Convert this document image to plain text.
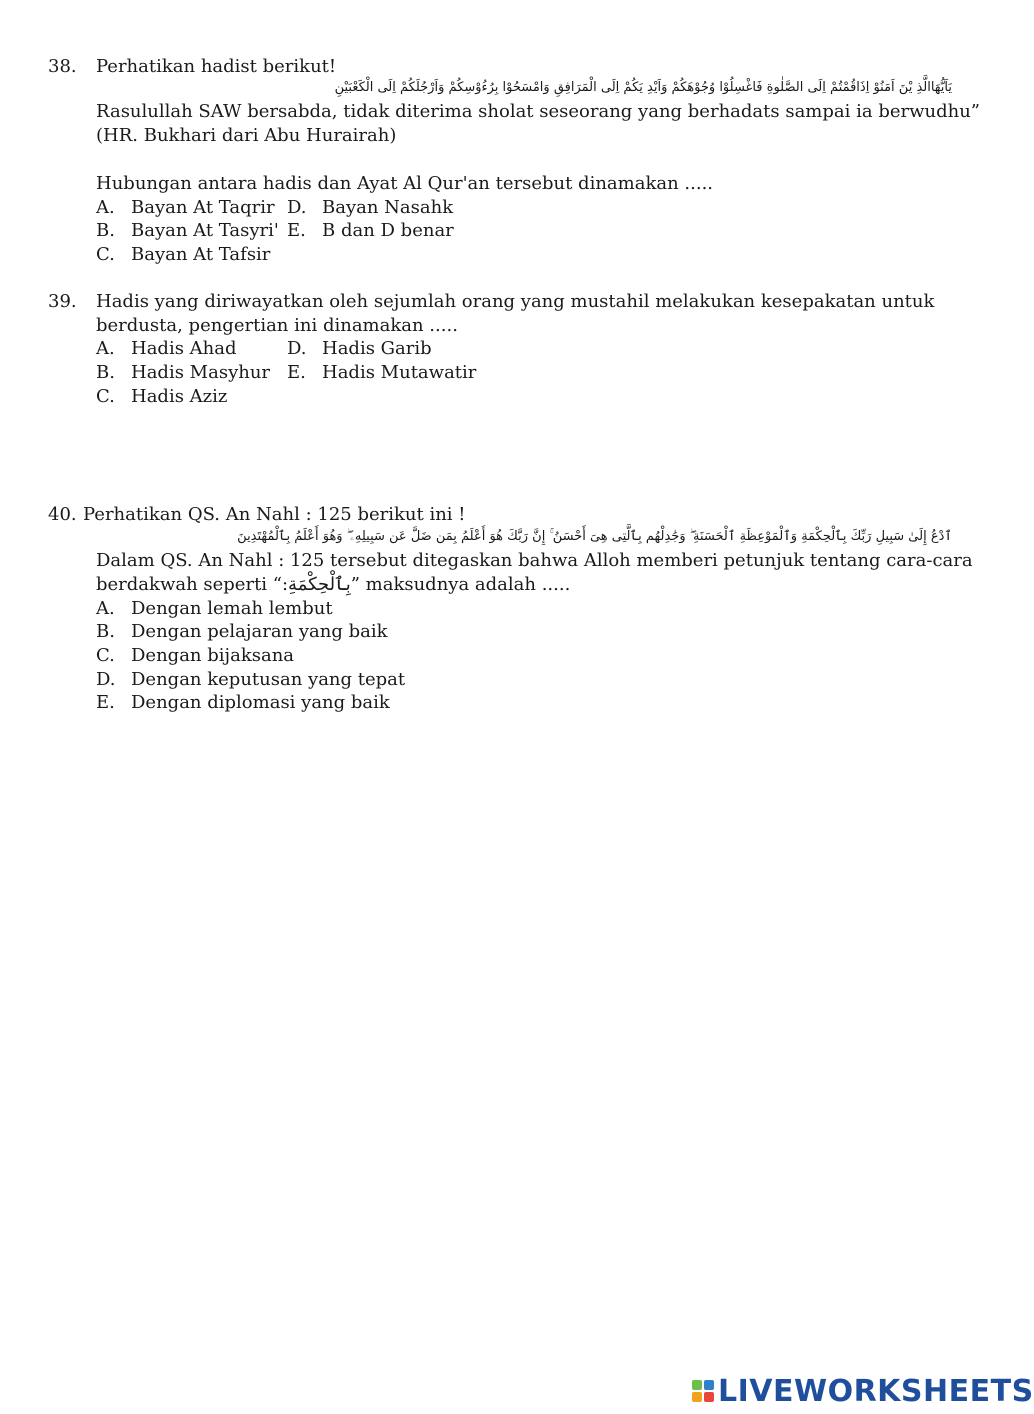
38. Perhatikan hadist berikut!
يَاَيُّهَاالَّذِ يْنَ اَمَنُوْ اِذَاقُمْتُمْ اِلَى الصَّلٰوةِ فَاغْسِلُوْا وُجُوْهَكُمْ وَاَيْدِ يَكُمْ اِلَى الْمَرَافِقِ وَامْسَحُوْا بِرُءُوْسِكُمْ وَاَرْجُلَكُمْ اِلَى الْكَعْبَيْنِ
Rasulullah SAW bersabda, tidak diterima sholat seseorang yang berhadats sampai ia berwudhu”
(HR. Bukhari dari Abu Hurairah)
Hubungan antara hadis dan Ayat Al Qur'an tersebut dinamakan .....
A. Bayan At Taqrir
B. Bayan At Tasyri'
C. Bayan At Tafsir
D. Bayan Nasahk
E. B dan D benar
39. Hadis yang diriwayatkan oleh sejumlah orang yang mustahil melakukan kesepakatan untuk
berdusta, pengertian ini dinamakan .....
A. Hadis Ahad
B. Hadis Masyhur
C. Hadis Aziz
D. Hadis Garib
E. Hadis Mutawatir
40. Perhatikan QS. An Nahl : 125 berikut ini !
ٱدْعُ إِلَىٰ سَبِيلِ رَبِّكَ بِٱلْحِكْمَةِ وَٱلْمَوْعِظَةِ ٱلْحَسَنَةِ ۖ وَجَٰدِلْهُم بِٱلَّتِى هِىَ أَحْسَنُ ۚ إِنَّ رَبَّكَ هُوَ أَعْلَمُ بِمَن ضَلَّ عَن سَبِيلِهِۦ ۖ وَهُوَ أَعْلَمُ بِٱلْمُهْتَدِينَ
Dalam QS. An Nahl : 125 tersebut ditegaskan bahwa Alloh memberi petunjuk tentang cara-cara
berdakwah seperti “:بِٱلْحِكْمَةِ” maksudnya adalah .....
A. Dengan lemah lembut
B. Dengan pelajaran yang baik
C. Dengan bijaksana
D. Dengan keputusan yang tepat
E. Dengan diplomasi yang baik
LIVEWORKSHEETS
